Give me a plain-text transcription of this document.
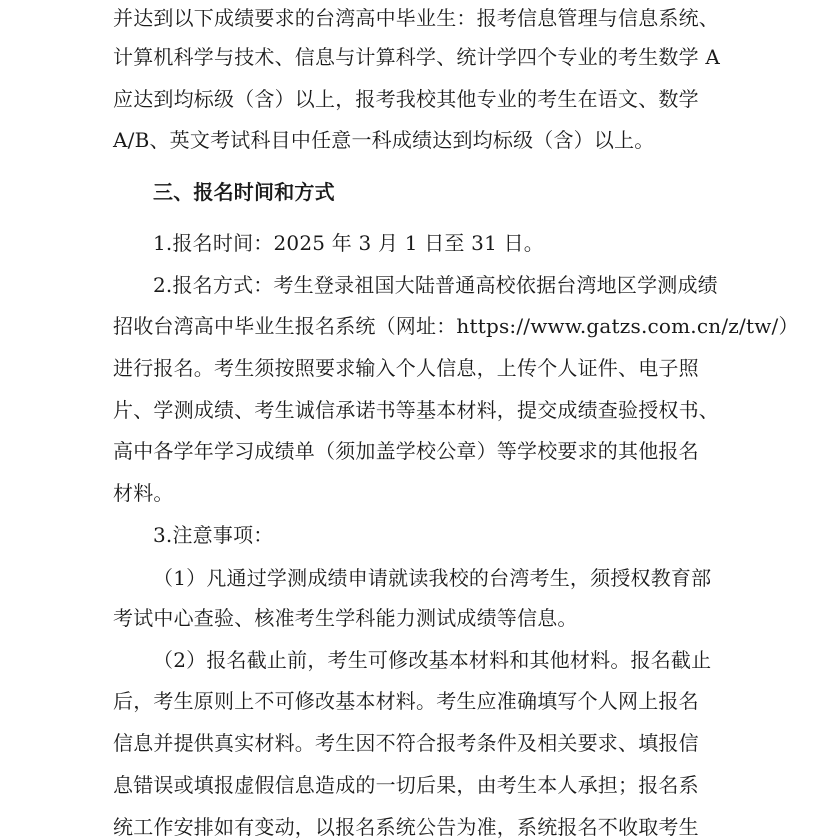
并达到以下成绩要求的台湾高中毕业生：报考信息管理与信息系统、
计算机科学与技术、信息与计算科学、统计学四个专业的考生数学 A
应达到均标级（含）以上，报考我校其他专业的考生在语文、数学
A/B、英文考试科目中任意一科成绩达到均标级（含）以上。
三、报名时间和方式
1.报名时间：2025 年 3 月 1 日至 31 日。
2.报名方式：考生登录祖国大陆普通高校依据台湾地区学测成绩
招收台湾高中毕业生报名系统（网址：https://www.gatzs.com.cn/z/tw/）
进行报名。考生须按照要求输入个人信息，上传个人证件、电子照
片、学测成绩、考生诚信承诺书等基本材料，提交成绩查验授权书、
高中各学年学习成绩单（须加盖学校公章）等学校要求的其他报名
材料。
3.注意事项：
（1）凡通过学测成绩申请就读我校的台湾考生，须授权教育部
考试中心查验、核准考生学科能力测试成绩等信息。
（2）报名截止前，考生可修改基本材料和其他材料。报名截止
后，考生原则上不可修改基本材料。考生应准确填写个人网上报名
信息并提供真实材料。考生因不符合报考条件及相关要求、填报信
息错误或填报虚假信息造成的一切后果，由考生本人承担；报名系
统工作安排如有变动，以报名系统公告为准，系统报名不收取考生
